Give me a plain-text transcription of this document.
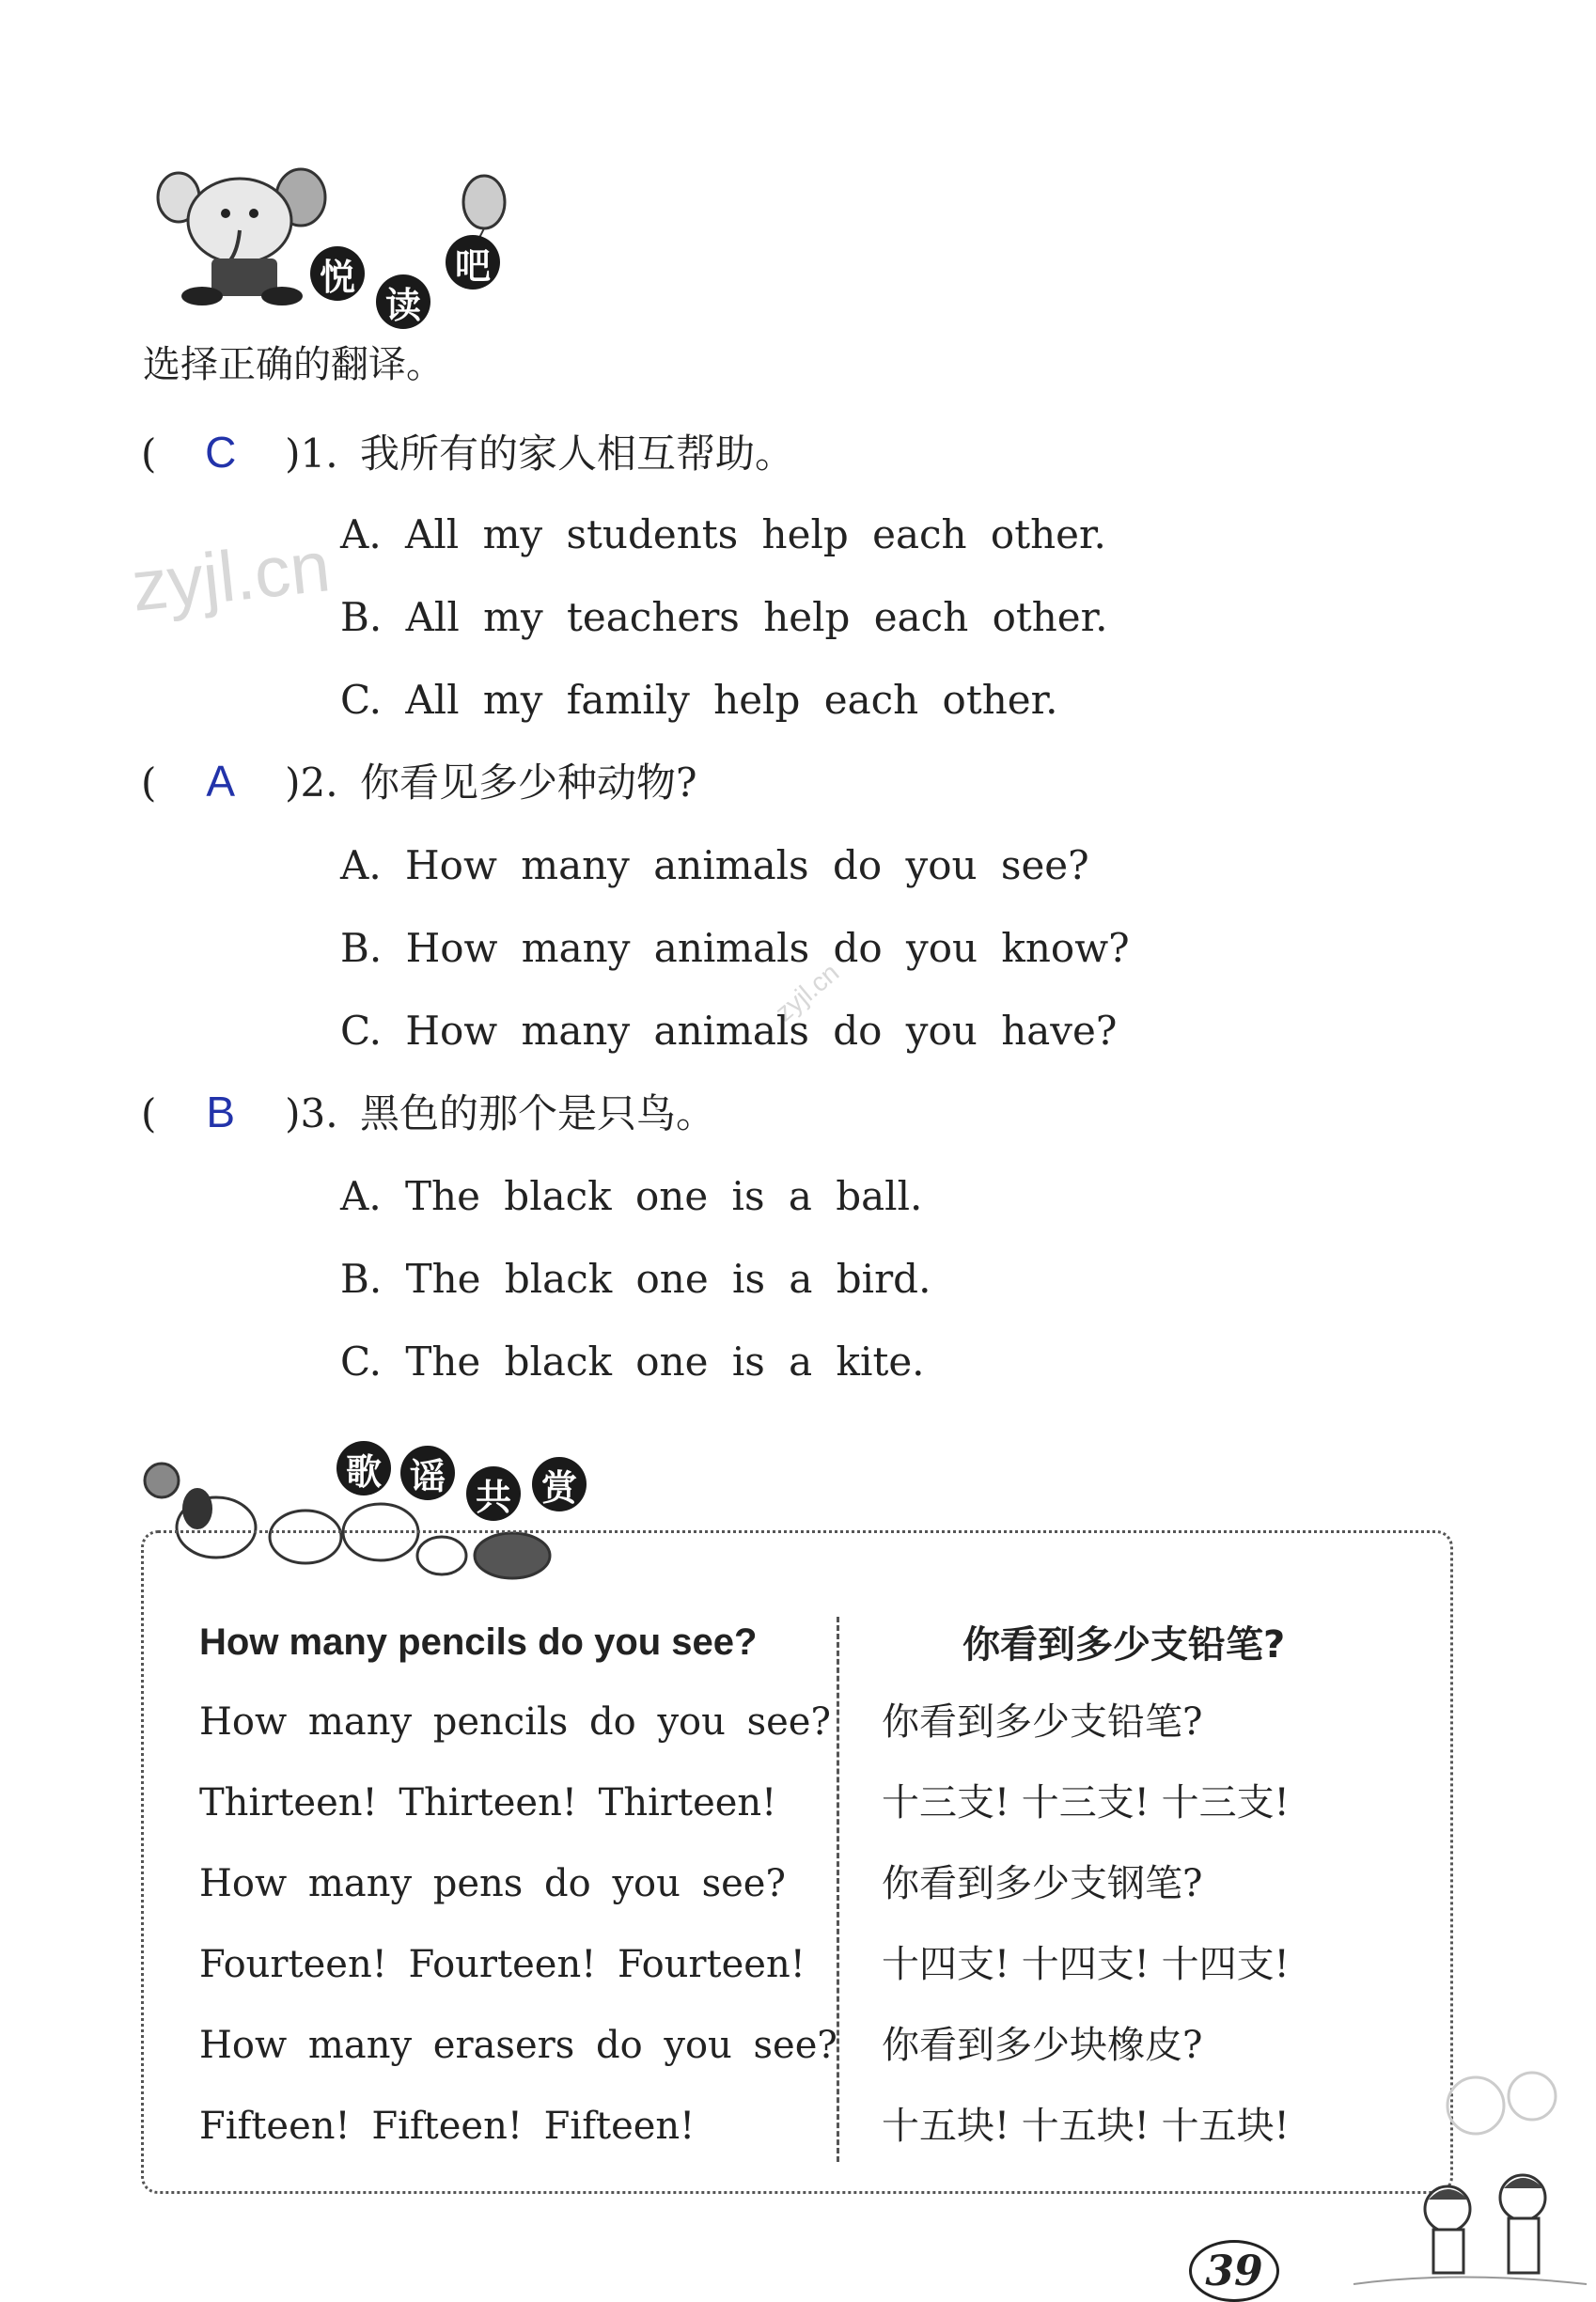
悦
读
吧
选择正确的翻译。
zyjl.cn
zyjl.cn
( C )1. 我所有的家人相互帮助。
A. All my students help each other.
B. All my teachers help each other.
C. All my family help each other.
( A )2. 你看见多少种动物?
A. How many animals do you see?
B. How many animals do you know?
C. How many animals do you have?
( B )3. 黑色的那个是只鸟。
A. The black one is a ball.
B. The black one is a bird.
C. The black one is a kite.
歌 谣 共 赏
How many pencils do you see?	你看到多少支铅笔?
How many pencils do you see?
Thirteen! Thirteen! Thirteen!
How many pens do you see?
Fourteen! Fourteen! Fourteen!
How many erasers do you see?
Fifteen! Fifteen! Fifteen!
你看到多少支铅笔?
十三支! 十三支! 十三支!
你看到多少支钢笔?
十四支! 十四支! 十四支!
你看到多少块橡皮?
十五块! 十五块! 十五块!
39
